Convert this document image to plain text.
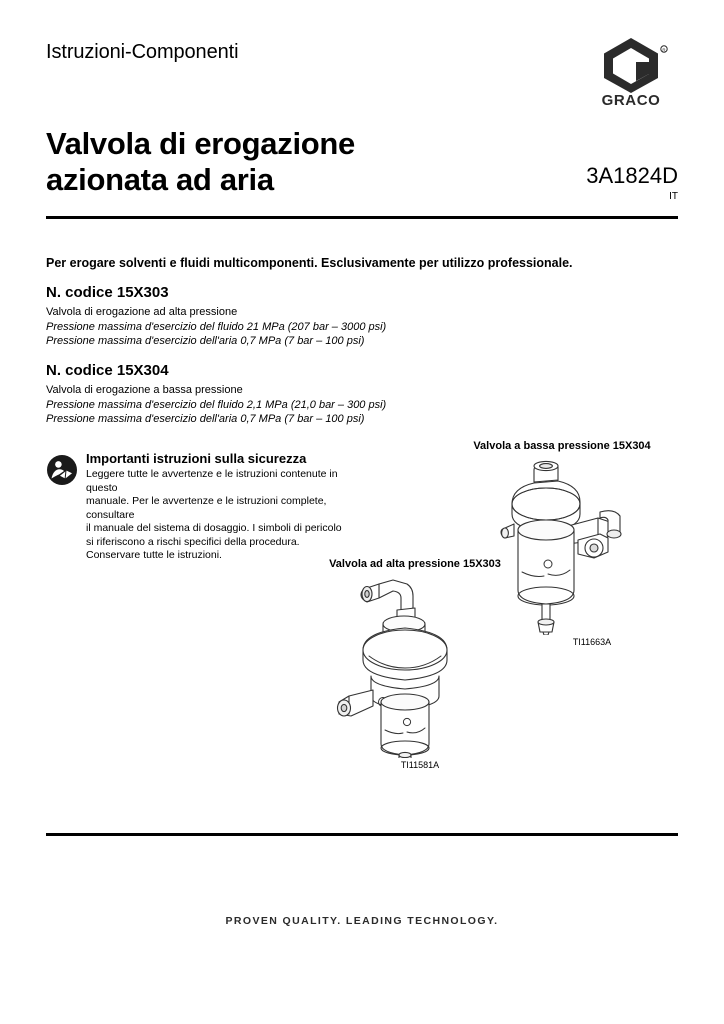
Istruzioni-Componenti	R
GRACO
Valvola di erogazione
azionata ad aria	3A1824D
IT
Per erogare solventi e fluidi multicomponenti. Esclusivamente per utilizzo professionale.
N. codice 15X303
Valvola di erogazione ad alta pressione
Pressione massima d'esercizio del fluido 21 MPa (207 bar – 3000 psi)
Pressione massima d'esercizio dell'aria 0,7 MPa (7 bar – 100 psi)
N. codice 15X304
Valvola di erogazione a bassa pressione
Pressione massima d'esercizio del fluido 2,1 MPa (21,0 bar – 300 psi)
Pressione massima d'esercizio dell'aria 0,7 MPa (7 bar – 100 psi)
Importanti istruzioni sulla sicurezza
Leggere tutte le avvertenze e le istruzioni contenute in questo
manuale. Per le avvertenze e le istruzioni complete, consultare
il manuale del sistema di dosaggio. I simboli di pericolo
si riferiscono a rischi specifici della procedura.
Conservare tutte le istruzioni.
Valvola a bassa pressione 15X304
TI11663A
Valvola ad alta pressione 15X303
TI11581A
PROVEN QUALITY. LEADING TECHNOLOGY.
